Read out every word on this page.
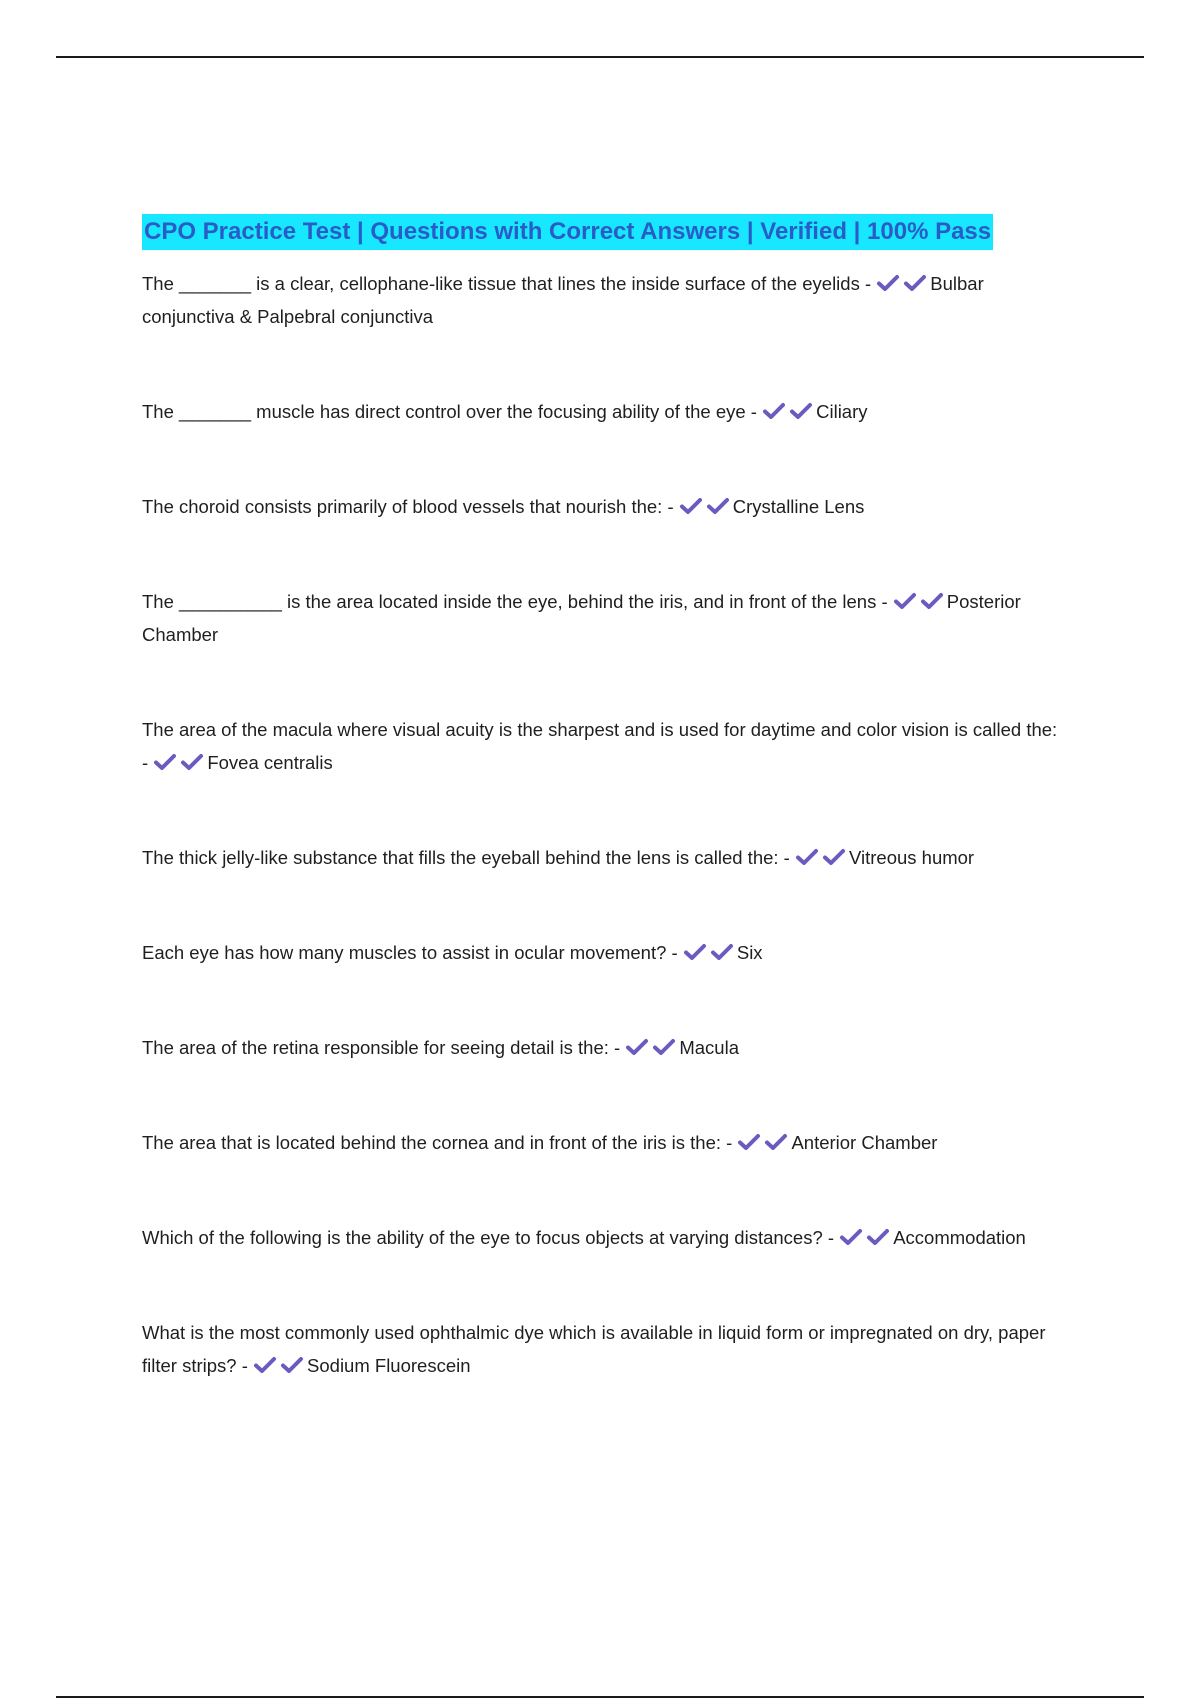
CPO Practice Test | Questions with Correct Answers | Verified | 100% Pass
The _______ is a clear, cellophane-like tissue that lines the inside surface of the eyelids -	Bulbar conjunctiva & Palpebral conjunctiva
The _______ muscle has direct control over the focusing ability of the eye -	Ciliary
The choroid consists primarily of blood vessels that nourish the: -	Crystalline Lens
The __________ is the area located inside the eye, behind the iris, and in front of the lens -	Posterior Chamber
The area of the macula where visual acuity is the sharpest and is used for daytime and color vision is called the: -	Fovea centralis
The thick jelly-like substance that fills the eyeball behind the lens is called the: -	Vitreous humor
Each eye has how many muscles to assist in ocular movement? -	Six
The area of the retina responsible for seeing detail is the: -	Macula
The area that is located behind the cornea and in front of the iris is the: -	Anterior Chamber
Which of the following is the ability of the eye to focus objects at varying distances? -	Accommodation
What is the most commonly used ophthalmic dye which is available in liquid form or impregnated on dry, paper filter strips? -	Sodium Fluorescein
